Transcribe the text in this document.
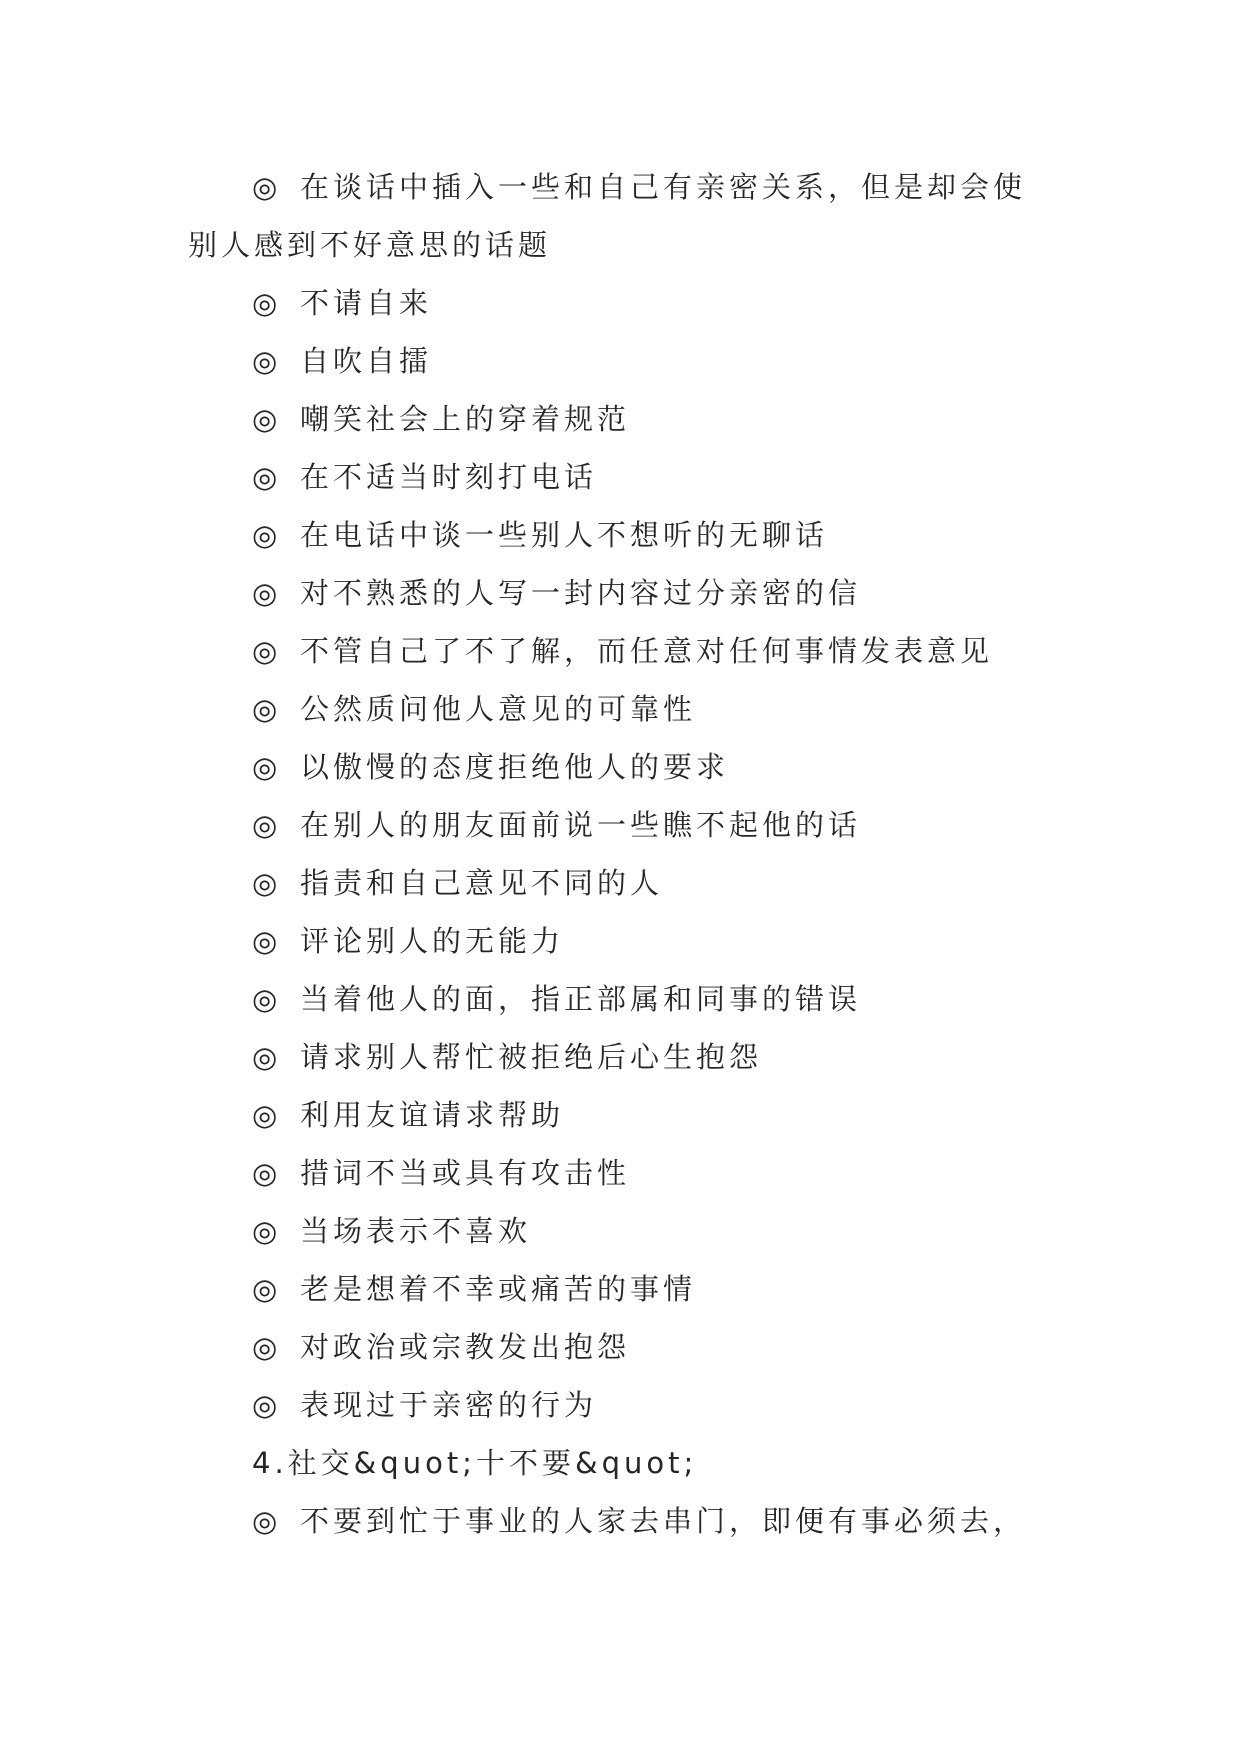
◎ 在谈话中插入一些和自己有亲密关系，但是却会使
别人感到不好意思的话题
◎ 不请自来
◎ 自吹自擂
◎ 嘲笑社会上的穿着规范
◎ 在不适当时刻打电话
◎ 在电话中谈一些别人不想听的无聊话
◎ 对不熟悉的人写一封内容过分亲密的信
◎ 不管自己了不了解，而任意对任何事情发表意见
◎ 公然质问他人意见的可靠性
◎ 以傲慢的态度拒绝他人的要求
◎ 在别人的朋友面前说一些瞧不起他的话
◎ 指责和自己意见不同的人
◎ 评论别人的无能力
◎ 当着他人的面，指正部属和同事的错误
◎ 请求别人帮忙被拒绝后心生抱怨
◎ 利用友谊请求帮助
◎ 措词不当或具有攻击性
◎ 当场表示不喜欢
◎ 老是想着不幸或痛苦的事情
◎ 对政治或宗教发出抱怨
◎ 表现过于亲密的行为
4.社交&quot;十不要&quot;
◎ 不要到忙于事业的人家去串门，即便有事必须去，
